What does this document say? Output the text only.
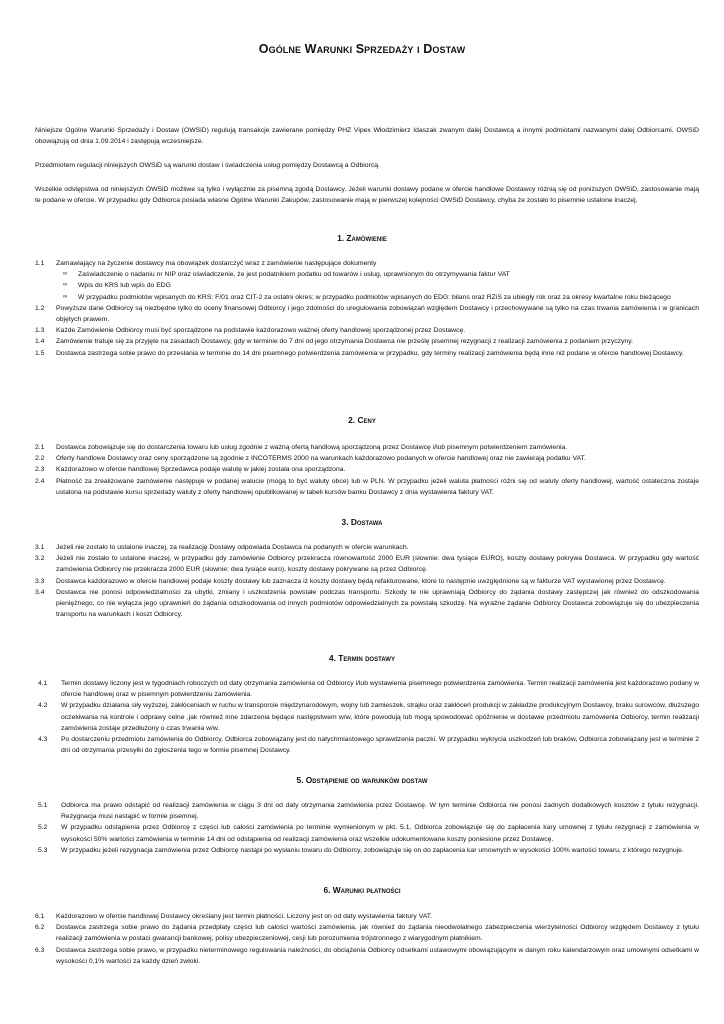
Ogólne Warunki Sprzedaży i Dostaw
Niniejsze Ogólne Warunki Sprzedaży i Dostaw (OWSiD) regulują transakcje zawierane pomiędzy PHZ Vipex Włodzimierz Idaszak zwanym dalej Dostawcą a innymi podmiotami nazwanymi dalej Odbiorcami. OWSiD obowiązują od dnia 1.09.2014 i zastępują wcześniejsze.
Przedmiotem regulacji niniejszych OWSiD są warunki dostaw i świadczenia usług pomiędzy Dostawcą a Odbiorcą.
Wszelkie odstępstwa od niniejszych OWSiD możliwe są tylko i wyłącznie za pisemną zgodą Dostawcy. Jeżeli warunki dostawy podane w ofercie handlowe Dostawcy różnią się od poniższych OWSiD, zastosowanie mają te podane w ofercie. W przypadku gdy Odbiorca posiada własne Ogólne Warunki Zakupów, zastosowanie mają w pierwszej kolejności OWSiD Dostawcy, chyba że zostało to pisemnie ustalone inaczej.
1. Zamówienie
1.1 Zamawiający na życzenie dostawcy ma obowiązek dostarczyć wraz z zamówienie następujące dokumenty
∞ Zaświadczenie o nadaniu nr NIP oraz oświadczenie, że jest podatnikiem podatku od towarów i usług, uprawnionym do otrzymywania faktur VAT
∞ Wpis do KRS lub wpis do EDG
∞ W przypadku podmiotów wpisanych do KRS: F/01 oraz CIT-2 za ostatni okres; w przypadku podmiotów wpisanych do EDG: bilans oraz RZiS za ubiegły rok oraz za okresy kwartalne roku bieżącego
1.2 Powyższe dane Odbiorcy są niezbędne tylko do oceny finansowej Odbiorcy i jego zdolności do uregulowania zobowiązań względem Dostawcy i przechowywane są tylko na czas trwania zamówienia i w granicach objętych prawem.
1.3 Każde Zamówienie Odbiorcy musi być sporządzone na podstawie każdorazowo ważnej oferty handlowej sporządzonej przez Dostawcę.
1.4 Zamówienie tratuje się za przyjęte na zasadach Dostawcy, gdy w terminie do 7 dni od jego otrzymania Dostawca nie prześlę pisemnej rezygnacji z realizacji zamówienia z podaniem przyczyny.
1.5 Dostawca zastrzega sobie prawo do przesłania w terminie do 14 dni pisemnego potwierdzenia zamówienia w przypadku, gdy terminy realizacji zamówienia będą inne niż podane w ofercie handlowej Dostawcy.
2. Ceny
2.1 Dostawca zobowiązuje się do dostarczenia towaru lub usług zgodnie z ważną ofertą handlową sporządzoną przez Dostawcę i/lub pisemnym potwierdzeniem zamówienia.
2.2 Oferty handlowe Dostawcy oraz ceny sporządzone są zgodnie z INCOTERMS 2000 na warunkach każdorazowo podanych w ofercie handlowej oraz nie zawierają podatku VAT.
2.3 Każdorazowo w ofercie handlowej Sprzedawca podaje walutę w jakiej została ona sporządzona.
2.4 Płatność za zrealizowane zamówienie następuje w podanej walucie (mogą to być waluty obce) lub w PLN. W przypadku jeżeli waluta płatności różni się od waluty oferty handlowej, wartość ostateczna zostaje ustalona na podstawie kursu sprzedaży waluty z oferty handlowej opublikowanej w tabeli kursów banku Dostawcy z dnia wystawienia faktury VAT.
3. Dostawa
3.1 Jeżeli nie zostało to ustalone inaczej, za realizację Dostawy odpowiada Dostawca na podanych w ofercie warunkach.
3.2 Jeżeli nie zostało to ustalone inaczej, w przypadku gdy zamówienie Odbiorcy przekracza równowartość 2000 EUR (słownie: dwa tysiące EURO), koszty dostawy pokrywa Dostawca. W przypadku gdy wartość zamówienia Odbiorcy nie przekracza 2000 EUR (słownie: dwa tysiące euro), koszty dostawy pokrywane są przez Odbiorcę.
3.3 Dostawca każdorazowo w ofercie handlowej podaje koszty dostawy lub zaznacza iż koszty dostawy będą refakturowane, które to następnie uwzględnione są w fakturze VAT wystawionej przez Dostawcę.
3.4 Dostawca nie ponosi odpowiedzialności za ubytki, zmiany i uszkodzenia powstałe podczas transportu. Szkody te nie uprawniają Odbiorcy do żądania dostawy zastępczej jak również do odszkodowania pieniężnego, co nie wyłącza jego uprawnień do żądania odszkodowania od innych podmiotów odpowiedzialnych za powstałą szkodzę. Na wyraźne żądanie Odbiorcy Dostawca zobowiązuje się do ubezpieczenia transportu na warunkach i koszt Odbiorcy.
4. Termin dostawy
4.1 Termin dostawy liczony jest w tygodniach roboczych od daty otrzymania zamówienia od Odbiorcy i/lub wystawienia pisemnego potwierdzenia zamówienia. Termin realizacji zamówienia jest każdorazowo podany w ofercie handlowej oraz w pisemnym potwierdzeniu zamówienia.
4.2 W przypadku działania siły wyższej, zakłóceniach w ruchu w transporcie międzynarodowym, wojny lub zamieszek, strajku oraz zakłóceń produkcji w zakładzie produkcyjnym Dostawcy, braku surowców, dłuższego oczekiwania na kontrole i odprawy celne ,jak również inne zdarzenia będące następstwem w/w, które powodują lub mogą spowodować opóźnienie w dostawie przedmiotu zamówienia Odbiorcy, termin realizacji zamówienia zostaje przedłużony o czas trwania w/w.
4.3 Po dostarczeniu przedmiotu zamówienia do Odbiorcy, Odbiorca zobowiązany jest do natychmiastowego sprawdzenia paczki. W przypadku wykrycia uszkodzeń lub braków, Odbiorca zobowiązany jest w terminie 2 dni od otrzymania przesyłki do zgłoszenia tego w formie pisemnej Dostawcy.
5. Odstąpienie od warunków dostaw
5.1 Odbiorca ma prawo odstąpić od realizacji zamówienia w ciągu 3 dni od daty otrzymania zamówienia przez Dostawcę. W tym terminie Odbiorca nie ponosi żadnych dodatkowych kosztów z tytułu rezygnacji. Rezygnacja musi nastąpić w formie pisemnej.
5.2 W przypadku odstąpienia przez Odbiorcę z części lub całości zamówienia po terminie wymienionym w pkt. 5.1, Odbiorca zobowiązuje się do zapłacenia kary umownej z tytułu rezygnacji z zamówienia w wysokości 50% wartości zamówienia w terminie 14 dni od odstąpienia od realizacji zamówienia oraz wszelkie udokumentowane koszty poniesione przez Dostawcę.
5.3 W przypadku jeżeli rezygnacja zamówienia przez Odbiorcę nastąpi po wysłaniu towaru do Odbiorcy, zobowiązuje się on do zapłacenia kar umownych w wysokości 100% wartości towaru, z którego rezygnuje.
6. Warunki płatności
6.1 Każdorazowo w ofercie handlowej Dostawcy określany jest termin płatności. Liczony jest on od daty wystawienia faktury VAT.
6.2 Dostawca zastrzega sobie prawo do żądania przedpłaty części lub całości wartości zamówienia, jak również do żądania nieodwołalnego zabezpieczenia wierzytelności Odbiorcy względem Dostawcy z tytułu realizacji zamówienia w postaci gwarancji bankowej, polisy ubezpieczeniowej, cesji lub porozumienia trójstronnego z wiarygodnym płatnikiem.
6.3 Dostawca zastrzega sobie prawo, w przypadku nieterminowego regulowania należności, do obciążenia Odbiorcy odsetkami ustawowymi obowiązującymi w danym roku kalendarzowym oraz umownymi odsetkami w wysokości 0,1% wartości za każdy dzień zwłoki.
